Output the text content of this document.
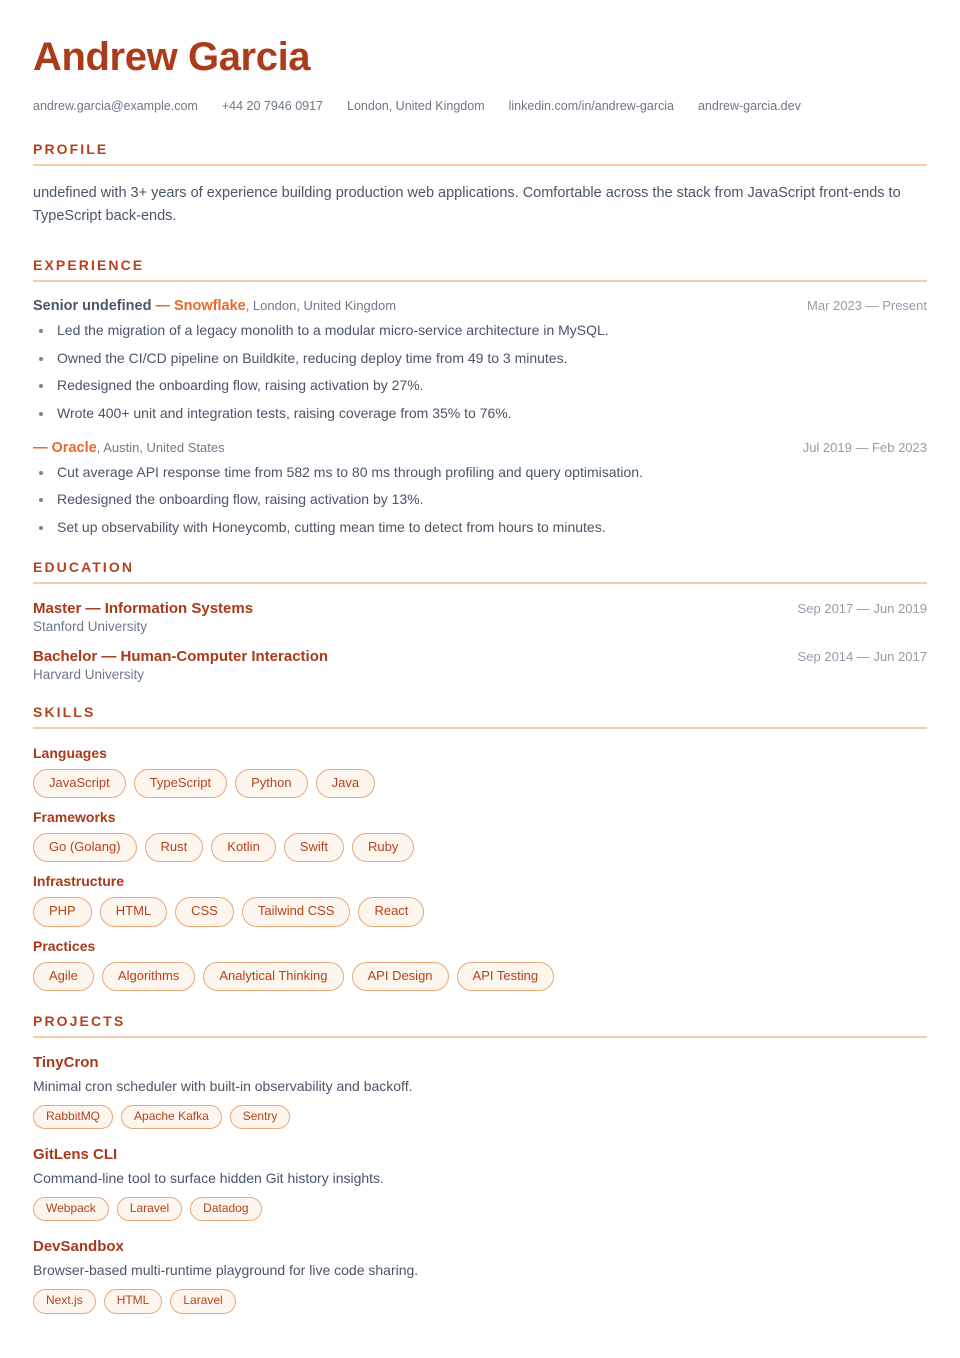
Andrew Garcia
andrew.garcia@example.com +44 20 7946 0917 London, United Kingdom linkedin.com/in/andrew-garcia andrew-garcia.dev
PROFILE

undefined with 3+ years of experience building production web applications. Comfortable across the stack from JavaScript front-ends to TypeScript back-ends.

EXPERIENCE
Senior undefined — Snowflake, London, United Kingdom	Mar 2023 — Present
Led the migration of a legacy monolith to a modular micro-service architecture in MySQL.
Owned the CI/CD pipeline on Buildkite, reducing deploy time from 49 to 3 minutes.
Redesigned the onboarding flow, raising activation by 27%.
Wrote 400+ unit and integration tests, raising coverage from 35% to 76%.
— Oracle, Austin, United States	Jul 2019 — Feb 2023
Cut average API response time from 582 ms to 80 ms through profiling and query optimisation.
Redesigned the onboarding flow, raising activation by 13%.
Set up observability with Honeycomb, cutting mean time to detect from hours to minutes.
EDUCATION
Master — Information Systems	Sep 2017 — Jun 2019
Stanford University
Bachelor — Human-Computer Interaction	Sep 2014 — Jun 2017
Harvard University
SKILLS
Languages
JavaScript	TypeScript	Python	Java
Frameworks
Go (Golang)	Rust	Kotlin	Swift	Ruby
Infrastructure
PHP	HTML	CSS	Tailwind CSS	React
Practices
Agile	Algorithms	Analytical Thinking	API Design	API Testing
PROJECTS
TinyCron
Minimal cron scheduler with built-in observability and backoff.
RabbitMQ	Apache Kafka	Sentry
GitLens CLI
Command-line tool to surface hidden Git history insights.
Webpack	Laravel	Datadog
DevSandbox
Browser-based multi-runtime playground for live code sharing.
Next.js	HTML	Laravel
